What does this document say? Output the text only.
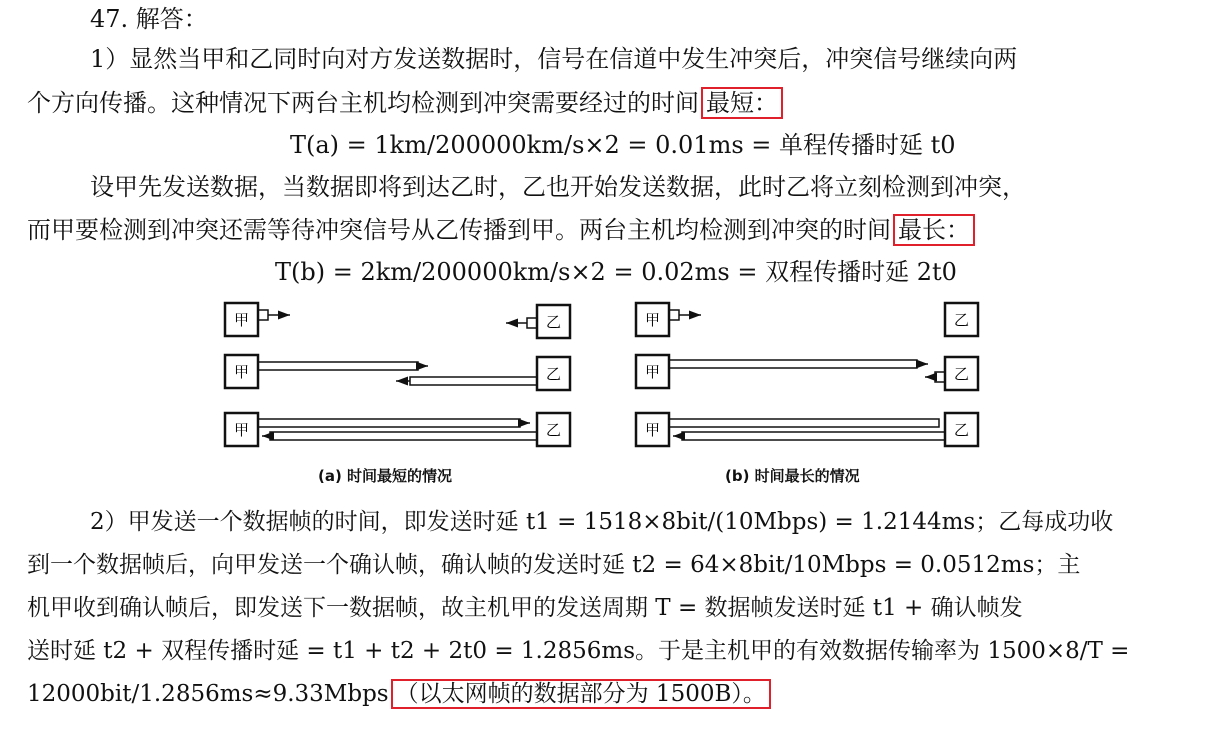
47. 解答：
1）显然当甲和乙同时向对方发送数据时，信号在信道中发生冲突后，冲突信号继续向两
个方向传播。这种情况下两台主机均检测到冲突需要经过的时间 最短：
T(a) = 1km/200000km/s×2 = 0.01ms = 单程传播时延 t0
设甲先发送数据，当数据即将到达乙时，乙也开始发送数据，此时乙将立刻检测到冲突，
而甲要检测到冲突还需等待冲突信号从乙传播到甲。两台主机均检测到冲突的时间 最长：
T(b) = 2km/200000km/s×2 = 0.02ms = 双程传播时延 2t0
甲	乙
甲	乙
甲	乙
甲	乙
甲	乙
甲	乙
(a) 时间最短的情况	(b) 时间最长的情况
2）甲发送一个数据帧的时间，即发送时延 t1 = 1518×8bit/(10Mbps) = 1.2144ms；乙每成功收
到一个数据帧后，向甲发送一个确认帧，确认帧的发送时延 t2 = 64×8bit/10Mbps = 0.0512ms；主
机甲收到确认帧后，即发送下一数据帧，故主机甲的发送周期 T = 数据帧发送时延 t1 + 确认帧发
送时延 t2 + 双程传播时延 = t1 + t2 + 2t0 = 1.2856ms。于是主机甲的有效数据传输率为 1500×8/T =
12000bit/1.2856ms≈9.33Mbps （以太网帧的数据部分为 1500B）。
